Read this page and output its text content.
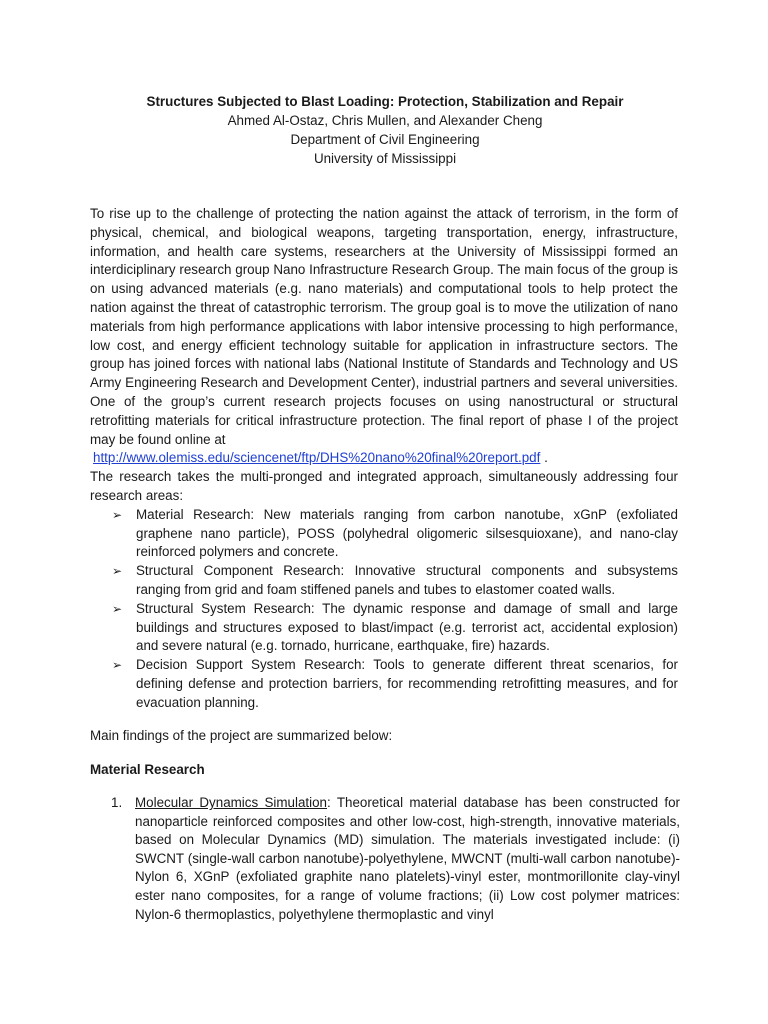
Structures Subjected to Blast Loading: Protection, Stabilization and Repair
Ahmed Al-Ostaz, Chris Mullen, and Alexander Cheng
Department of Civil Engineering
University of Mississippi

To rise up to the challenge of protecting the nation against the attack of terrorism, in the form of physical, chemical, and biological weapons, targeting transportation, energy, infrastructure, information, and health care systems, researchers at the University of Mississippi formed an interdiciplinary research group Nano Infrastructure Research Group. The main focus of the group is on using advanced materials (e.g. nano materials) and computational tools to help protect the nation against the threat of catastrophic terrorism. The group goal is to move the utilization of nano materials from high performance applications with labor intensive processing to high performance, low cost, and energy efficient technology suitable for application in infrastructure sectors. The group has joined forces with national labs (National Institute of Standards and Technology and US Army Engineering Research and Development Center), industrial partners and several universities. One of the group’s current research projects focuses on using nanostructural or structural retrofitting materials for critical infrastructure protection. The final report of phase I of the project may be found online at

http://www.olemiss.edu/sciencenet/ftp/DHS%20nano%20final%20report.pdf .

The research takes the multi-pronged and integrated approach, simultaneously addressing four research areas:

➢ Material Research: New materials ranging from carbon nanotube, xGnP (exfoliated graphene nano particle), POSS (polyhedral oligomeric silsesquioxane), and nano-clay reinforced polymers and concrete.
➢ Structural Component Research: Innovative structural components and subsystems ranging from grid and foam stiffened panels and tubes to elastomer coated walls.
➢ Structural System Research: The dynamic response and damage of small and large buildings and structures exposed to blast/impact (e.g. terrorist act, accidental explosion) and severe natural (e.g. tornado, hurricane, earthquake, fire) hazards.
➢ Decision Support System Research: Tools to generate different threat scenarios, for defining defense and protection barriers, for recommending retrofitting measures, and for evacuation planning.
Main findings of the project are summarized below:
Material Research
1. Molecular Dynamics Simulation: Theoretical material database has been constructed for nanoparticle reinforced composites and other low-cost, high-strength, innovative materials, based on Molecular Dynamics (MD) simulation. The materials investigated include: (i) SWCNT (single-wall carbon nanotube)-polyethylene, MWCNT (multi-wall carbon nanotube)-Nylon 6, XGnP (exfoliated graphite nano platelets)-vinyl ester, montmorillonite clay-vinyl ester nano composites, for a range of volume fractions; (ii) Low cost polymer matrices: Nylon-6 thermoplastics, polyethylene thermoplastic and vinyl
